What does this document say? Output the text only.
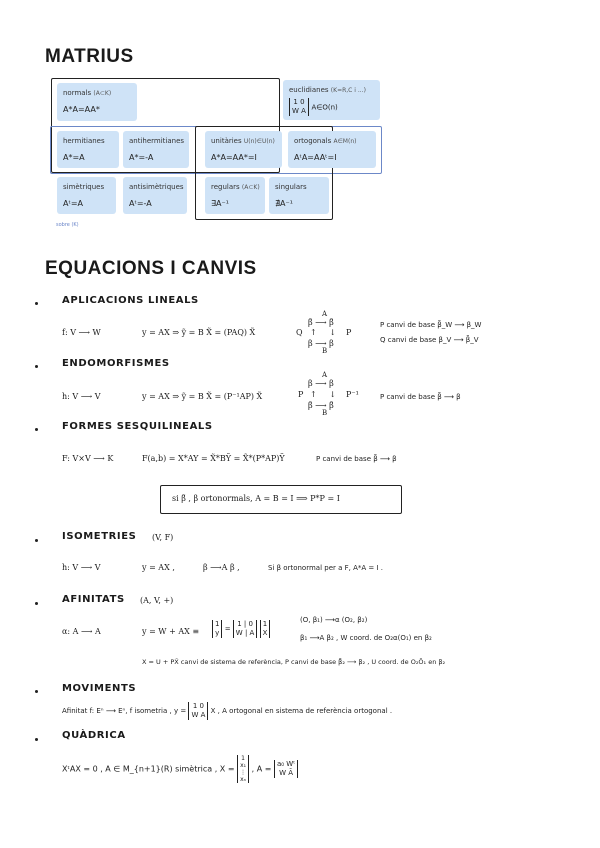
MATRIUS
normals (A⊂K)
A*A=AA*
euclidianes (K=R,C i ...)
1 0
W A A∈O(n)
hermitianes
A*=A
antihermitianes
A*=-A
unitàries U(n)∈U(n)
A*A=AA*=I
ortogonals A∈M(n)
AᵗA=AAᵗ=I
simètriques
Aᵗ=A
antisimètriques
Aᵗ=-A
regulars (A⊂K)
∃A⁻¹
singulars
∄A⁻¹
sobre (K)
EQUACIONS I CANVIS
APLICACIONS LINEALS
f: V ⟶ W	y = AX ⇒ ỹ = B X̃ = (PAQ) X̃
A
β̃ ⟶ β̃
Q ↑     ↓ P
β ⟶ β
B
P canvi de base β̃_W ⟶ β_W
Q canvi de base β_V ⟶ β̃_V
ENDOMORFISMES
h: V ⟶ V	y = AX ⇒ ỹ = B X̃ = (P⁻¹AP) X̃
A
β ⟶ β
P ↑     ↓ P⁻¹
β̃ ⟶ β̃
B
P canvi de base β̃ ⟶ β
FORMES SESQUILINEALS
F: V×V ⟶ K	F(a,b) = X*AY = X̃*BỸ = X̃*(P*AP)Ỹ	P canvi de base β̃ ⟶ β
si β̃ , β ortonormals, A = B = I ⟹ P*P = I
ISOMETRIES (V, F)
h: V ⟶ V	y = AX ,	β ⟶A β ,	Si β ortonormal per a F, A*A = I .
AFINITATS (A, V, +)
α: A ⟶ A	y = W + AX ≡
1
y = 1 | 0
W | A 1
X
(O, β₁) ⟶α (O₂, β₂)
β₁ ⟶A β₂ , W coord. de O₂α(O₁) en β₂
X = U + PX̃ canvi de sistema de referència, P canvi de base β̃₂ ⟶ β₂ , U coord. de O₂Õ₁ en β₂
MOVIMENTS
Afinitat f: Eⁿ ⟶ Eⁿ, f isometria , y = 1 0
W A X , A ortogonal en sistema de referència ortogonal .
QUÀDRICA
XᵗAX = 0 , A ∈ M_{n+1}(R) simètrica , X = 1
x₁
⋮
xₙ , A = a₀ Wᵗ
W Ā
